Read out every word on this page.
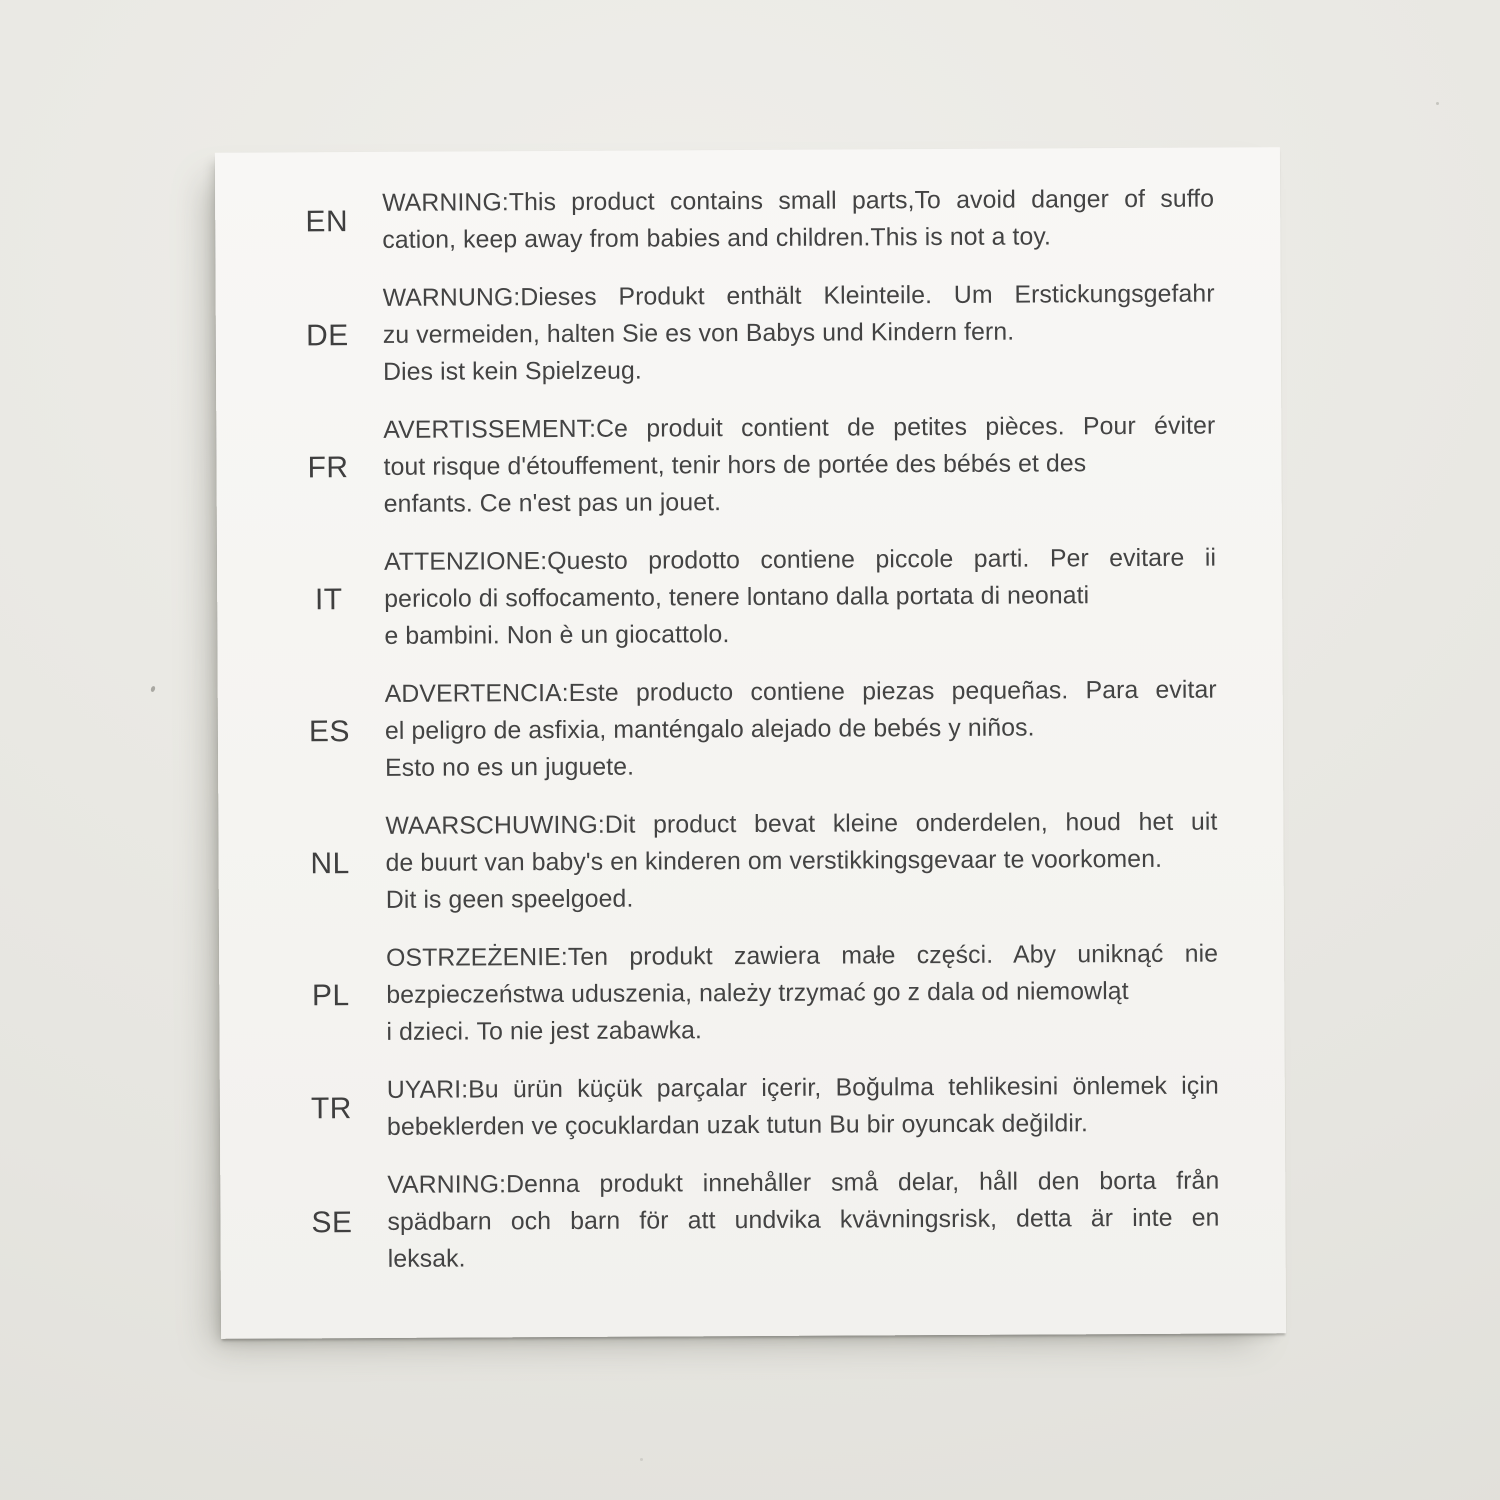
EN
WARNING:This product contains small parts,To avoid danger of suffo
cation, keep away from babies and children.This is not a toy.
DE
WARNUNG:Dieses Produkt enthält Kleinteile. Um Erstickungsgefahr
zu vermeiden, halten Sie es von Babys und Kindern fern.
Dies ist kein Spielzeug.
FR
AVERTISSEMENT:Ce produit contient de petites pièces. Pour éviter
tout risque d'étouffement, tenir hors de portée des bébés et des
enfants. Ce n'est pas un jouet.
IT
ATTENZIONE:Questo prodotto contiene piccole parti. Per evitare ii
pericolo di soffocamento, tenere lontano dalla portata di neonati
e bambini. Non è un giocattolo.
ES
ADVERTENCIA:Este producto contiene piezas pequeñas. Para evitar
el peligro de asfixia, manténgalo alejado de bebés y niños.
Esto no es un juguete.
NL
WAARSCHUWING:Dit product bevat kleine onderdelen, houd het uit
de buurt van baby's en kinderen om verstikkingsgevaar te voorkomen.
Dit is geen speelgoed.
PL
OSTRZEŻENIE:Ten produkt zawiera małe części. Aby uniknąć nie
bezpieczeństwa uduszenia, należy trzymać go z dala od niemowląt
i dzieci. To nie jest zabawka.
TR
UYARI:Bu ürün küçük parçalar içerir, Boğulma tehlikesini önlemek için
bebeklerden ve çocuklardan uzak tutun Bu bir oyuncak değildir.
SE
VARNING:Denna produkt innehåller små delar, håll den borta från
spädbarn och barn för att undvika kvävningsrisk, detta är inte en
leksak.
